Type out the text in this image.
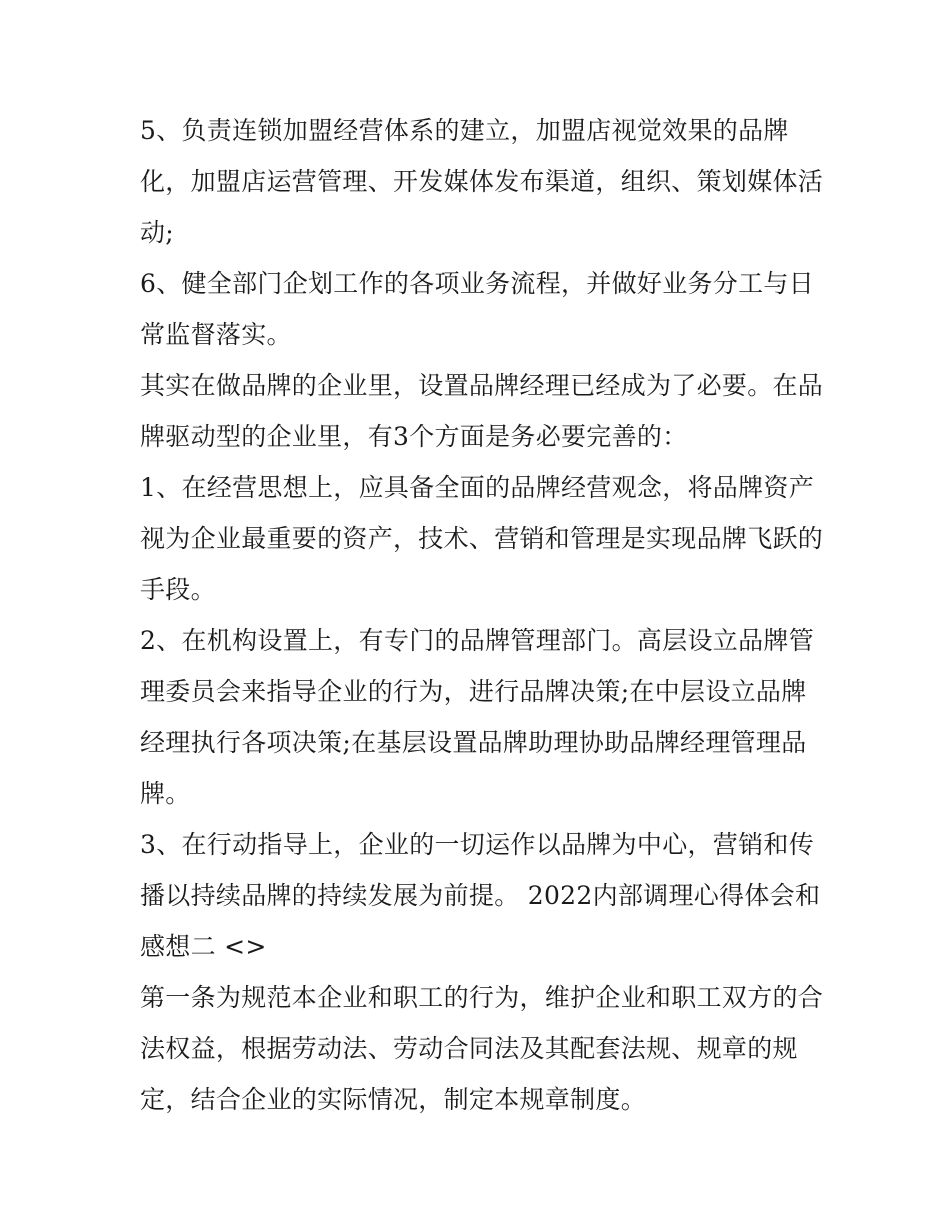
5、负责连锁加盟经营体系的建立，加盟店视觉效果的品牌化，加盟店运营管理、开发媒体发布渠道，组织、策划媒体活动;

6、健全部门企划工作的各项业务流程，并做好业务分工与日常监督落实。

其实在做品牌的企业里，设置品牌经理已经成为了必要。在品牌驱动型的企业里，有3个方面是务必要完善的：

1、在经营思想上，应具备全面的品牌经营观念，将品牌资产视为企业最重要的资产，技术、营销和管理是实现品牌飞跃的手段。

2、在机构设置上，有专门的品牌管理部门。高层设立品牌管理委员会来指导企业的行为，进行品牌决策;在中层设立品牌经理执行各项决策;在基层设置品牌助理协助品牌经理管理品牌。

3、在行动指导上，企业的一切运作以品牌为中心，营销和传播以持续品牌的持续发展为前提。 2022内部调理心得体会和感想二 <>

第一条为规范本企业和职工的行为，维护企业和职工双方的合法权益，根据劳动法、劳动合同法及其配套法规、规章的规定，结合企业的实际情况，制定本规章制度。
